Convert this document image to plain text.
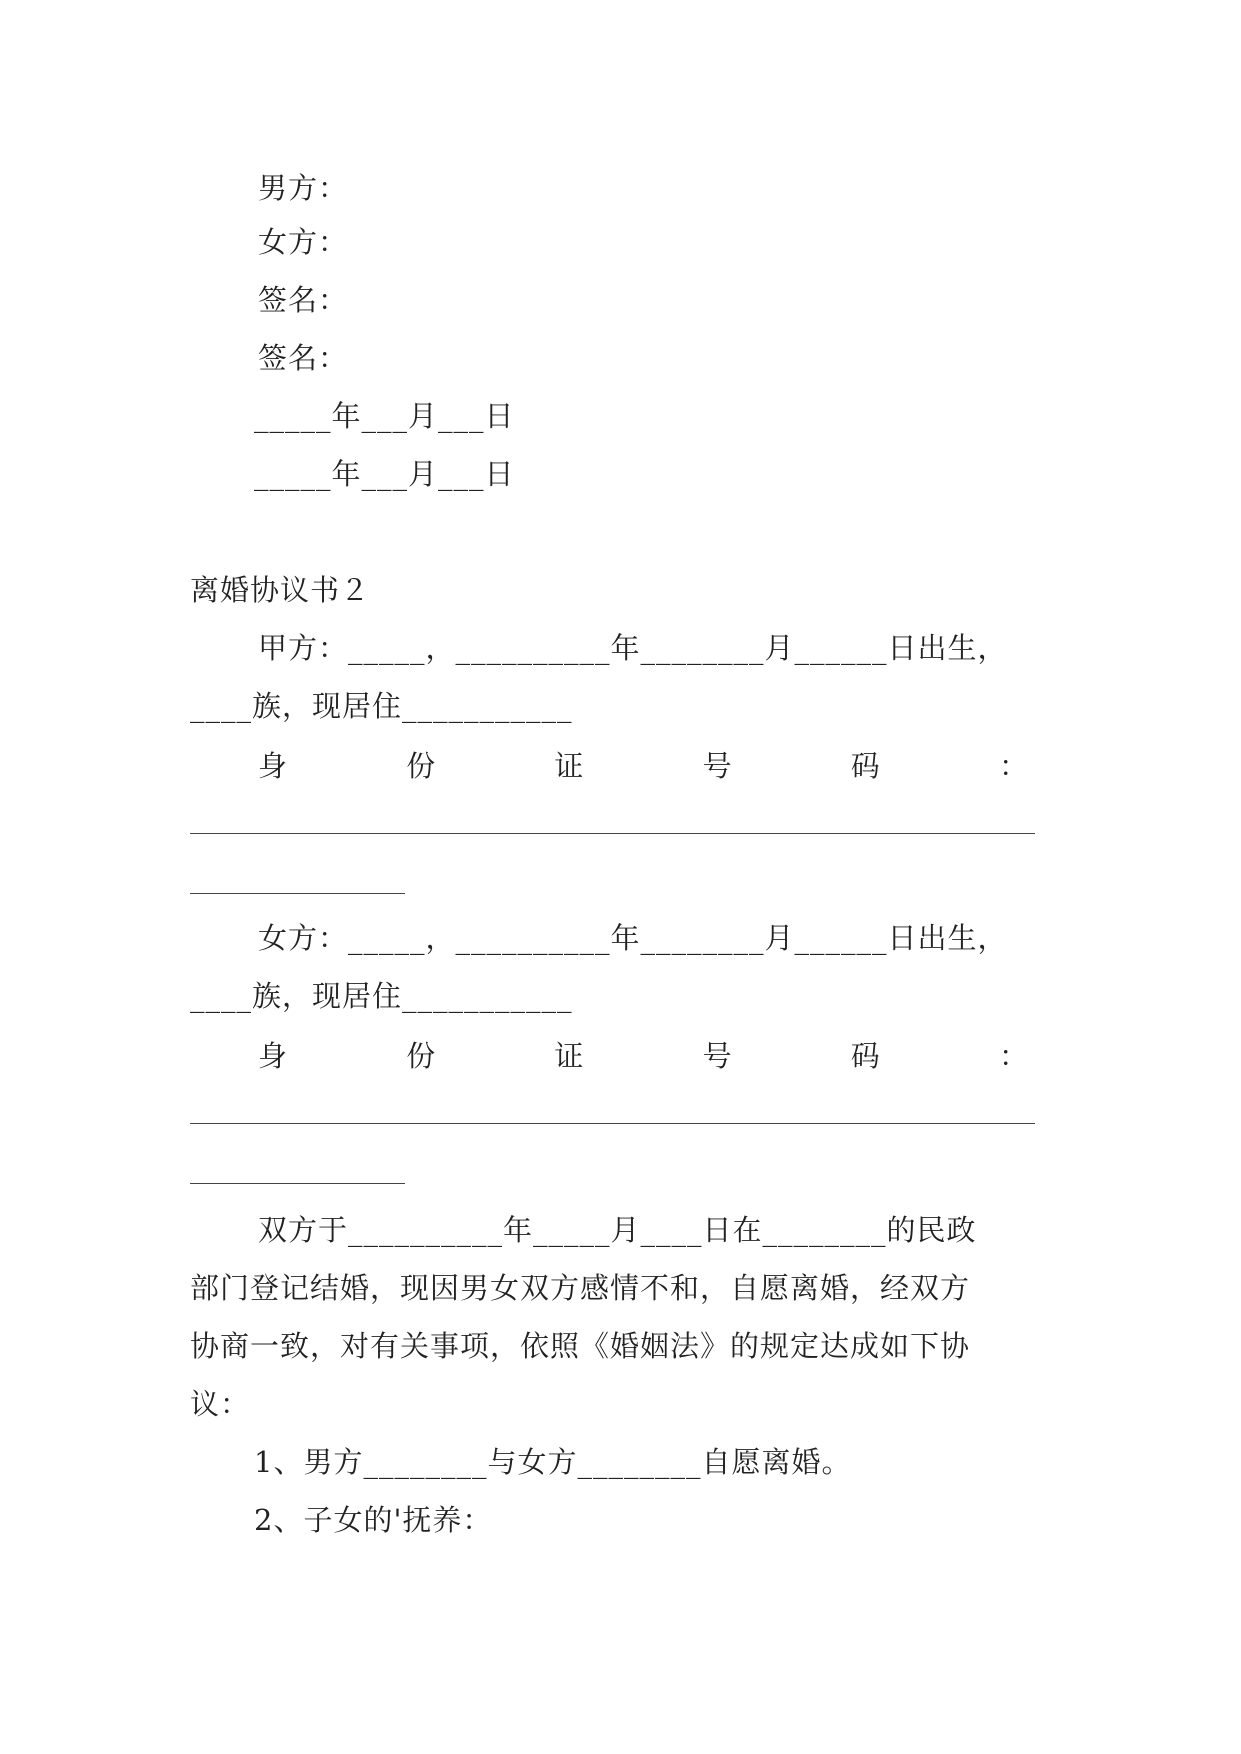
男方：
女方：
签名：
签名：
_____年___月___日
_____年___月___日
离婚协议书２
甲方：_____，__________年________月______日出生，
____族，现居住___________
身	份	证	号	码	：
女方：_____，__________年________月______日出生，
____族，现居住___________
身	份	证	号	码	：
双方于__________年_____月____日在________的民政
部门登记结婚，现因男女双方感情不和，自愿离婚，经双方
协商一致，对有关事项，依照《婚姻法》的规定达成如下协
议：
1、男方________与女方________自愿离婚。
2、子女的'抚养：
